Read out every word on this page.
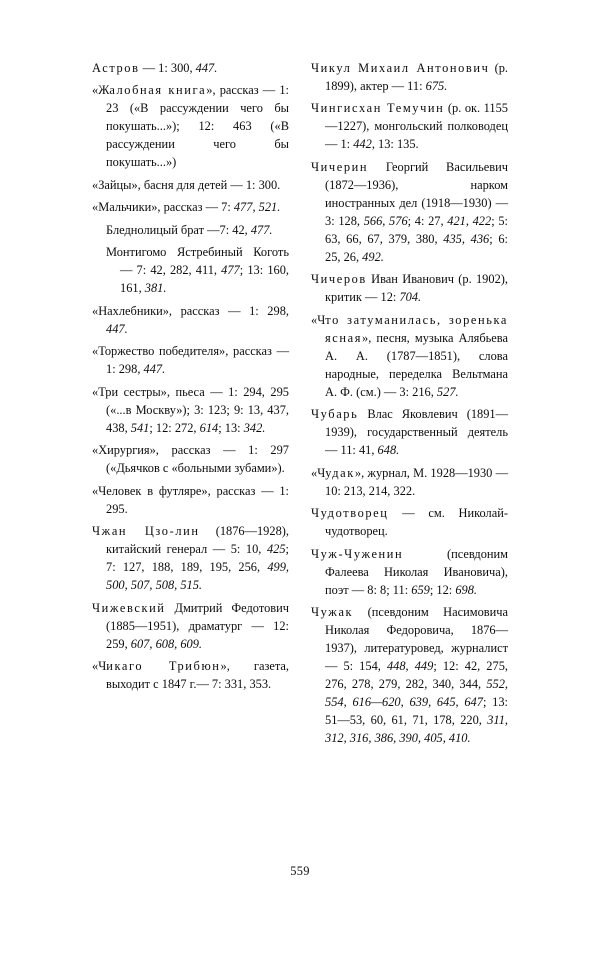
Астров — 1: 300, 447.

«Жалобная книга», рассказ — 1: 23 («В рассуждении чего бы покушать...»); 12: 463 («В рассуждении чего бы покушать...»)

«Зайцы», басня для детей — 1: 300.

«Мальчики», рассказ — 7: 477, 521.

Бледнолицый брат —7: 42, 477.

Монтигомо Ястребиный Коготь — 7: 42, 282, 411, 477; 13: 160, 161, 381.

«Нахлебники», рассказ — 1: 298, 447.

«Торжество победителя», рассказ — 1: 298, 447.

«Три сестры», пьеса — 1: 294, 295 («...в Москву»); 3: 123; 9: 13, 437, 438, 541; 12: 272, 614; 13: 342.

«Хирургия», рассказ — 1: 297 («Дьячков с «больными зубами»).

«Человек в футляре», рассказ — 1: 295.

Чжан Цзо-лин (1876—1928), китайский генерал — 5: 10, 425; 7: 127, 188, 189, 195, 256, 499, 500, 507, 508, 515.

Чижевский Дмитрий Федотович (1885—1951), драматург — 12: 259, 607, 608, 609.

«Чикаго Трибюн», газета, выходит с 1847 г.— 7: 331, 353.

Чикул Михаил Антонович (р. 1899), актер — 11: 675.

Чингисхан Темучин (р. ок. 1155—1227), монгольский полководец — 1: 442, 13: 135.

Чичерин Георгий Васильевич (1872—1936), нарком иностранных дел (1918—1930) — 3: 128, 566, 576; 4: 27, 421, 422; 5: 63, 66, 67, 379, 380, 435, 436; 6: 25, 26, 492.

Чичеров Иван Иванович (р. 1902), критик — 12: 704.

«Что затуманилась, зоренька ясная», песня, музыка Алябьева А. А. (1787—1851), слова народные, переделка Вельтмана А. Ф. (см.) — 3: 216, 527.

Чубарь Влас Яковлевич (1891—1939), государственный деятель — 11: 41, 648.

«Чудак», журнал, М. 1928—1930 — 10: 213, 214, 322.

Чудотворец — см. Николай-чудотворец.

Чуж-Чуженин (псевдоним Фалеева Николая Ивановича), поэт — 8: 8; 11: 659; 12: 698.

Чужак (псевдоним Насимовича Николая Федоровича, 1876—1937), литературовед, журналист — 5: 154, 448, 449; 12: 42, 275, 276, 278, 279, 282, 340, 344, 552, 554, 616—620, 639, 645, 647; 13: 51—53, 60, 61, 71, 178, 220, 311, 312, 316, 386, 390, 405, 410.

559
